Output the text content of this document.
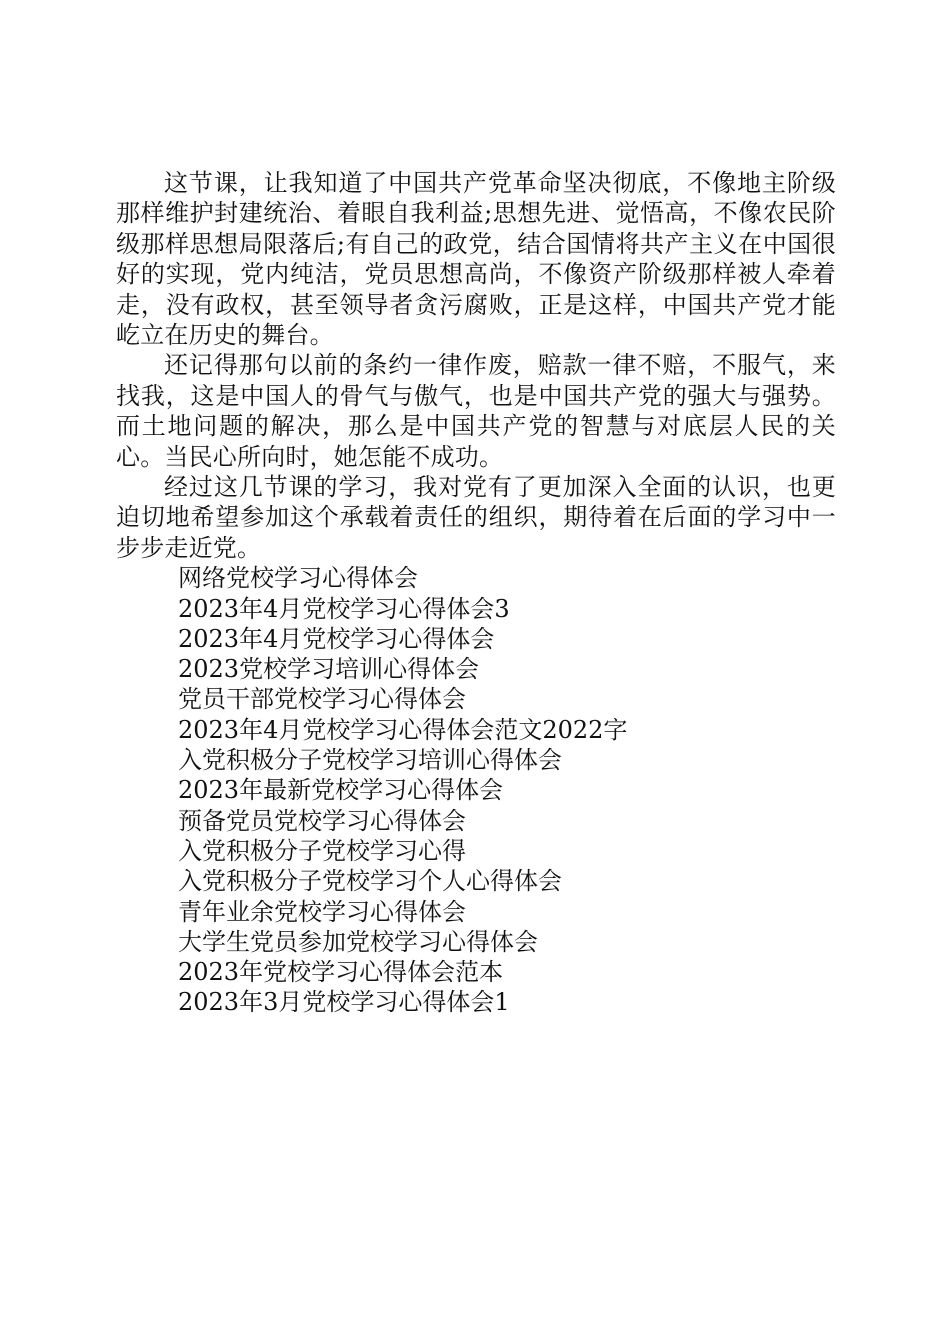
这节课，让我知道了中国共产党革命坚决彻底，不像地主阶级那样维护封建统治、着眼自我利益;思想先进、觉悟高，不像农民阶级那样思想局限落后;有自己的政党，结合国情将共产主义在中国很好的实现，党内纯洁，党员思想高尚，不像资产阶级那样被人牵着走，没有政权，甚至领导者贪污腐败，正是这样，中国共产党才能屹立在历史的舞台。

还记得那句以前的条约一律作废，赔款一律不赔，不服气，来找我，这是中国人的骨气与傲气，也是中国共产党的强大与强势。而土地问题的解决，那么是中国共产党的智慧与对底层人民的关心。当民心所向时，她怎能不成功。

经过这几节课的学习，我对党有了更加深入全面的认识，也更迫切地希望参加这个承载着责任的组织，期待着在后面的学习中一步步走近党。

网络党校学习心得体会
2023年4月党校学习心得体会3
2023年4月党校学习心得体会
2023党校学习培训心得体会
党员干部党校学习心得体会
2023年4月党校学习心得体会范文2022字
入党积极分子党校学习培训心得体会
2023年最新党校学习心得体会
预备党员党校学习心得体会
入党积极分子党校学习心得
入党积极分子党校学习个人心得体会
青年业余党校学习心得体会
大学生党员参加党校学习心得体会
2023年党校学习心得体会范本
2023年3月党校学习心得体会1
